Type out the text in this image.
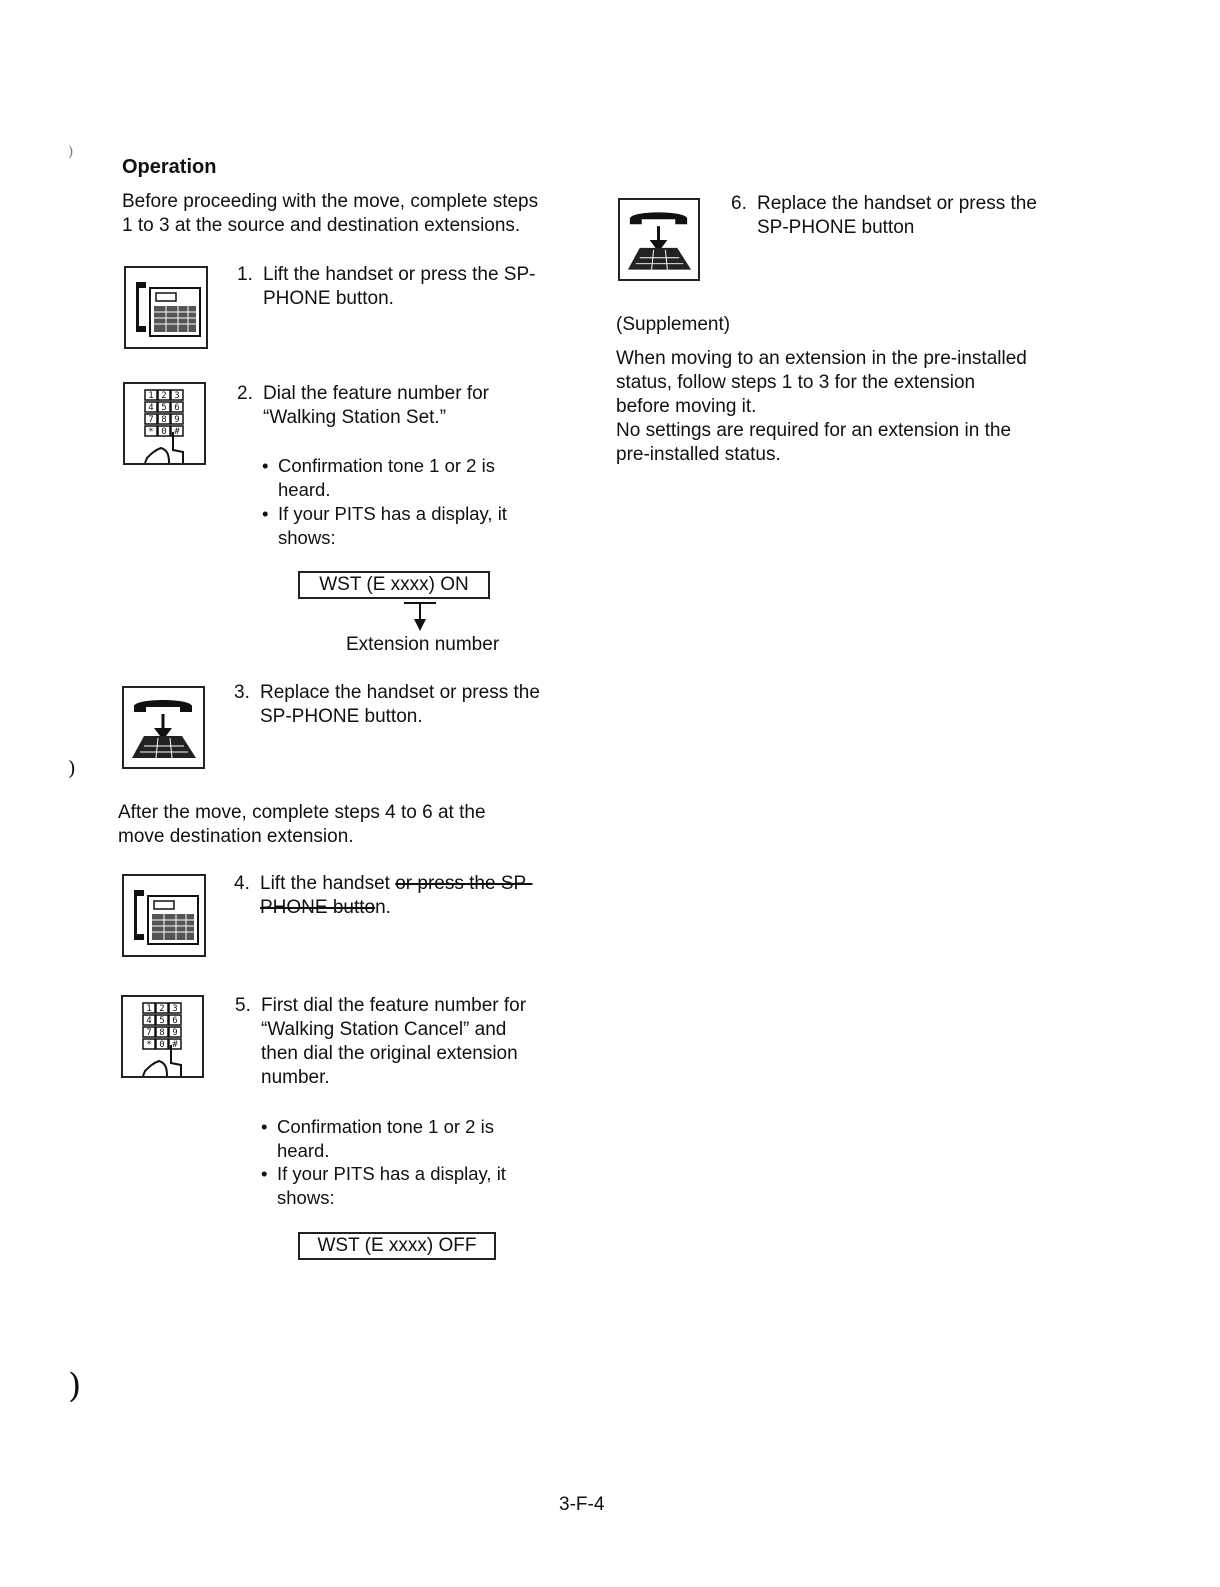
)
)
)
Operation
Before proceeding with the move, complete steps
1 to 3 at the source and destination extensions.
1. Lift the handset or press the SP-
PHONE button.
1 2 3
4 5 6
7 8 9
* 0 #
2. Dial the feature number for
“Walking Station Set.”
• Confirmation tone 1 or 2 is
heard.
• If your PITS has a display, it
shows:
WST (E xxxx) ON
Extension number
3. Replace the handset or press the
SP-PHONE button.
After the move, complete steps 4 to 6 at the
move destination extension.
4. Lift the handset or press the SP-
PHONE button.
1 2 3
4 5 6
7 8 9
* 0 #
5. First dial the feature number for
“Walking Station Cancel” and
then dial the original extension
number.
• Confirmation tone 1 or 2 is
heard.
• If your PITS has a display, it
shows:
WST (E xxxx) OFF
6. Replace the handset or press the
SP-PHONE button
(Supplement)
When moving to an extension in the pre-installed
status, follow steps 1 to 3 for the extension
before moving it.
No settings are required for an extension in the
pre-installed status.
3-F-4
